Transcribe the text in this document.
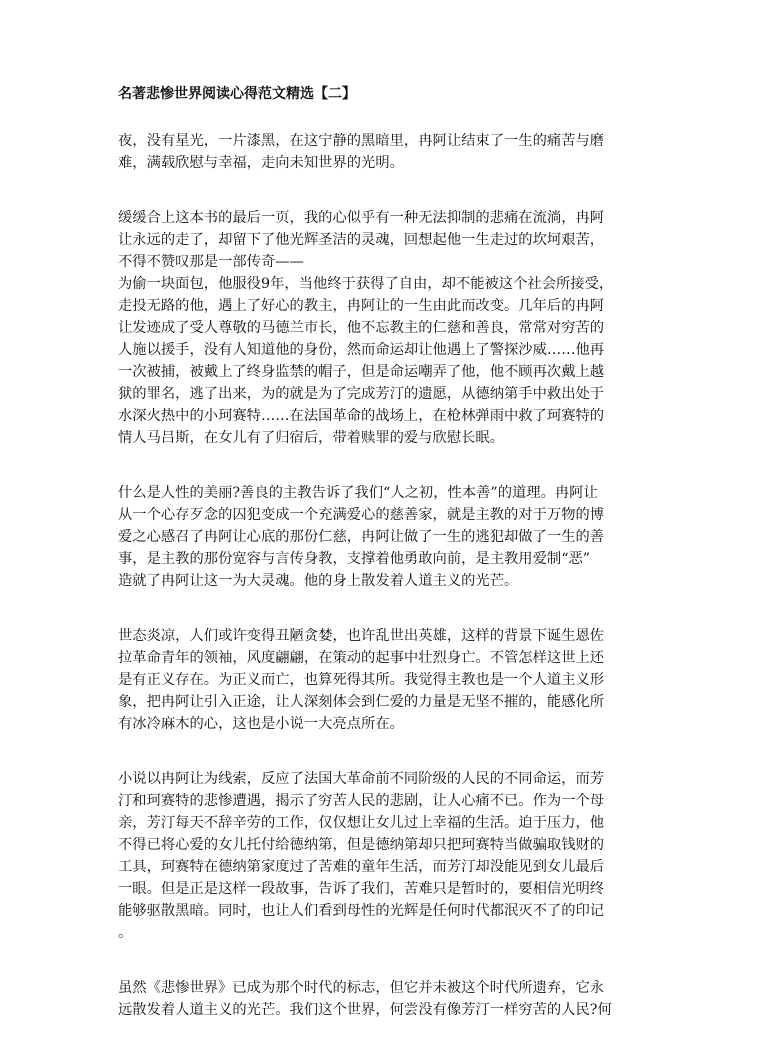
名著悲惨世界阅读心得范文精选【二】
夜，没有星光，一片漆黑，在这宁静的黑暗里，冉阿让结束了一生的痛苦与磨
难，满载欣慰与幸福，走向未知世界的光明。
缓缓合上这本书的最后一页，我的心似乎有一种无法抑制的悲痛在流淌，冉阿
让永远的走了，却留下了他光辉圣洁的灵魂，回想起他一生走过的坎坷艰苦，
不得不赞叹那是一部传奇——
为偷一块面包，他服役9年，当他终于获得了自由，却不能被这个社会所接受，
走投无路的他，遇上了好心的教主，冉阿让的一生由此而改变。几年后的冉阿
让发迹成了受人尊敬的马德兰市长，他不忘教主的仁慈和善良，常常对穷苦的
人施以援手，没有人知道他的身份，然而命运却让他遇上了警探沙威……他再
一次被捕，被戴上了终身监禁的帽子，但是命运嘲弄了他，他不顾再次戴上越
狱的罪名，逃了出来，为的就是为了完成芳汀的遗愿，从德纳第手中救出处于
水深火热中的小珂赛特……在法国革命的战场上，在枪林弹雨中救了珂赛特的
情人马吕斯，在女儿有了归宿后，带着赎罪的爱与欣慰长眠。
什么是人性的美丽?善良的主教告诉了我们“人之初，性本善”的道理。冉阿让
从一个心存歹念的囚犯变成一个充满爱心的慈善家，就是主教的对于万物的博
爱之心感召了冉阿让心底的那份仁慈，冉阿让做了一生的逃犯却做了一生的善
事，是主教的那份宽容与言传身教，支撑着他勇敢向前，是主教用爱制“恶”
造就了冉阿让这一为大灵魂。他的身上散发着人道主义的光芒。
世态炎凉，人们或许变得丑陋贪婪，也许乱世出英雄，这样的背景下诞生恩佐
拉革命青年的领袖，风度翩翩，在策动的起事中壮烈身亡。不管怎样这世上还
是有正义存在。为正义而亡，也算死得其所。我觉得主教也是一个人道主义形
象，把冉阿让引入正途，让人深刻体会到仁爱的力量是无坚不摧的，能感化所
有冰冷麻木的心，这也是小说一大亮点所在。
小说以冉阿让为线索，反应了法国大革命前不同阶级的人民的不同命运，而芳
汀和珂赛特的悲惨遭遇，揭示了穷苦人民的悲剧，让人心痛不已。作为一个母
亲，芳汀每天不辞辛劳的工作，仅仅想让女儿过上幸福的生活。迫于压力，他
不得已将心爱的女儿托付给德纳第，但是德纳第却只把珂赛特当做骗取钱财的
工具，珂赛特在德纳第家度过了苦难的童年生活，而芳汀却没能见到女儿最后
一眼。但是正是这样一段故事，告诉了我们，苦难只是暂时的，要相信光明终
能够驱散黑暗。同时，也让人们看到母性的光辉是任何时代都泯灭不了的印记
。
虽然《悲惨世界》已成为那个时代的标志，但它并未被这个时代所遗弃，它永
远散发着人道主义的光芒。我们这个世界，何尝没有像芳汀一样穷苦的人民?何
